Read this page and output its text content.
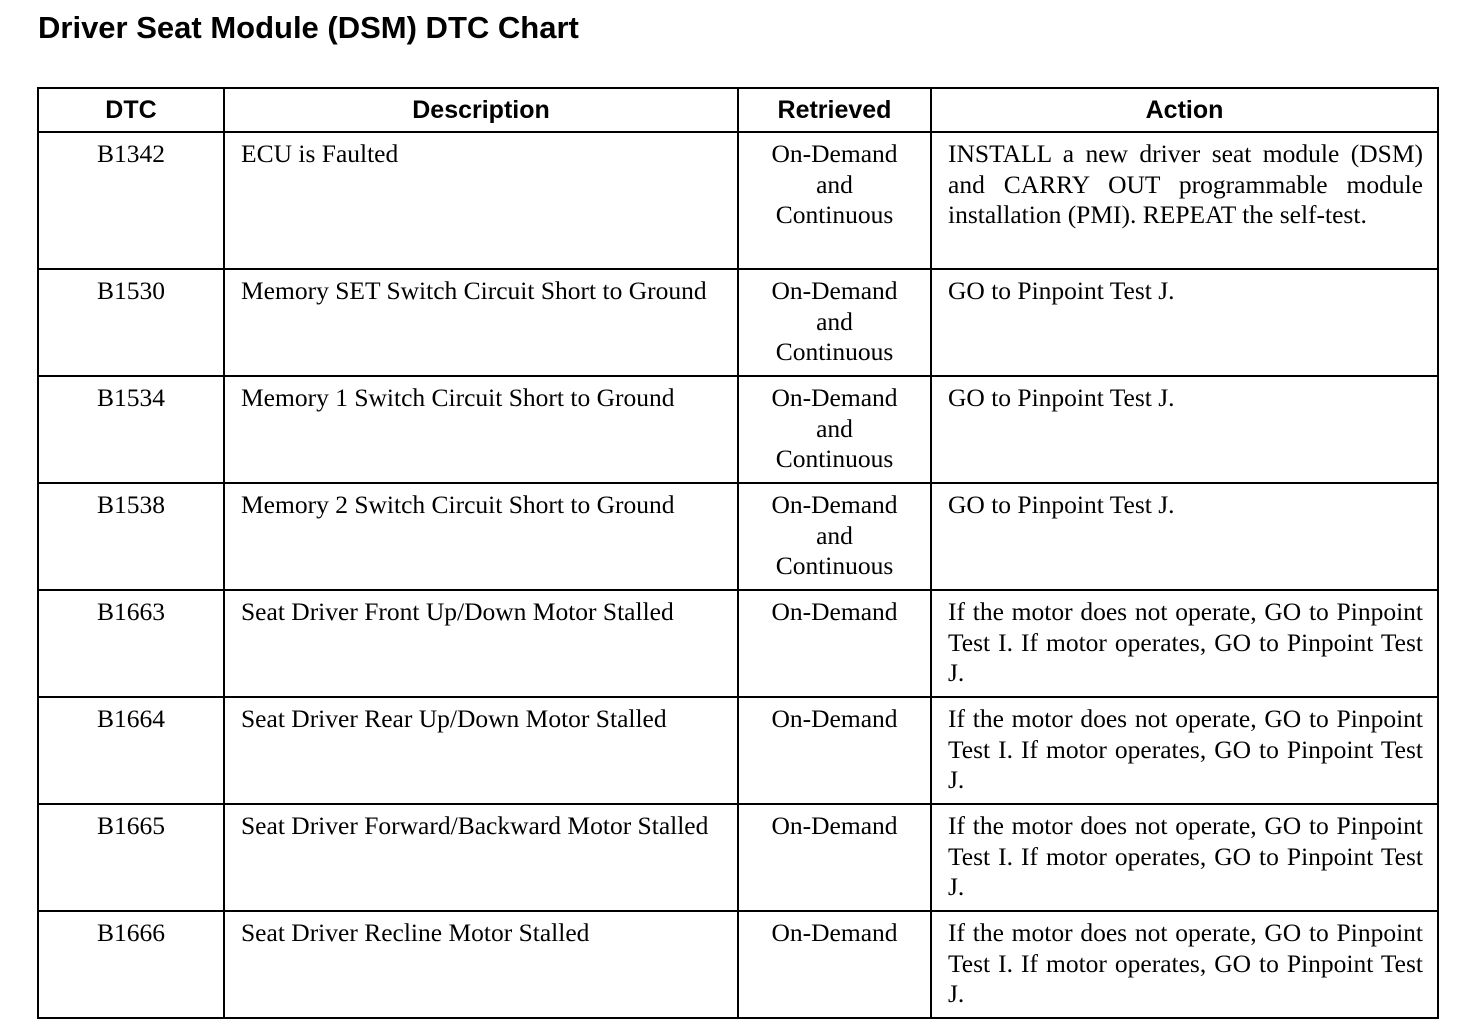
Driver Seat Module (DSM) DTC Chart
DTC	Description	Retrieved	Action
B1342	ECU is Faulted	On-Demand
and
Continuous	INSTALL a new driver seat module (DSM) and CARRY OUT programmable module installation (PMI). REPEAT the self-test.

B1530	Memory SET Switch Circuit Short to Ground	On-Demand
and
Continuous	GO to Pinpoint Test J.

B1534	Memory 1 Switch Circuit Short to Ground	On-Demand
and
Continuous	GO to Pinpoint Test J.

B1538	Memory 2 Switch Circuit Short to Ground	On-Demand
and
Continuous	GO to Pinpoint Test J.

B1663	Seat Driver Front Up/Down Motor Stalled	On-Demand	If the motor does not operate, GO to Pinpoint Test I. If motor operates, GO to Pinpoint Test J.

B1664	Seat Driver Rear Up/Down Motor Stalled	On-Demand	If the motor does not operate, GO to Pinpoint Test I. If motor operates, GO to Pinpoint Test J.

B1665	Seat Driver Forward/Backward Motor Stalled	On-Demand	If the motor does not operate, GO to Pinpoint Test I. If motor operates, GO to Pinpoint Test J.

B1666	Seat Driver Recline Motor Stalled	On-Demand	If the motor does not operate, GO to Pinpoint Test I. If motor operates, GO to Pinpoint Test J.
